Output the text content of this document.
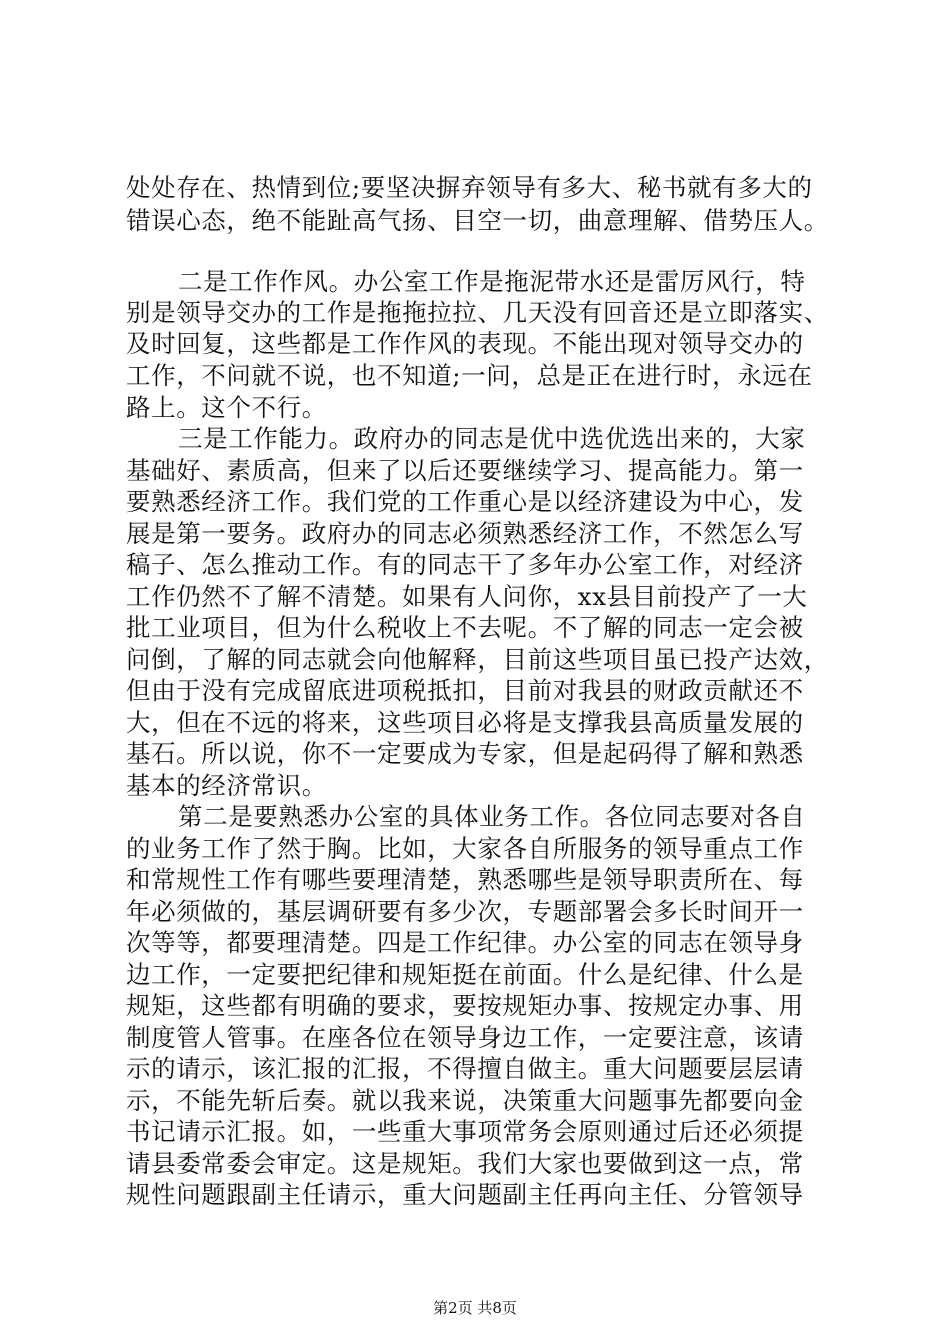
处处存在、热情到位;要坚决摒弃领导有多大、秘书就有多大的
错误心态，绝不能趾高气扬、目空一切，曲意理解、借势压人。
二是工作作风。办公室工作是拖泥带水还是雷厉风行，特
别是领导交办的工作是拖拖拉拉、几天没有回音还是立即落实、
及时回复，这些都是工作作风的表现。不能出现对领导交办的
工作，不问就不说，也不知道;一问，总是正在进行时，永远在
路上。这个不行。
三是工作能力。政府办的同志是优中选优选出来的，大家
基础好、素质高，但来了以后还要继续学习、提高能力。第一
要熟悉经济工作。我们党的工作重心是以经济建设为中心，发
展是第一要务。政府办的同志必须熟悉经济工作，不然怎么写
稿子、怎么推动工作。有的同志干了多年办公室工作，对经济
工作仍然不了解不清楚。如果有人问你，xx县目前投产了一大
批工业项目，但为什么税收上不去呢。不了解的同志一定会被
问倒，了解的同志就会向他解释，目前这些项目虽已投产达效，
但由于没有完成留底进项税抵扣，目前对我县的财政贡献还不
大，但在不远的将来，这些项目必将是支撑我县高质量发展的
基石。所以说，你不一定要成为专家，但是起码得了解和熟悉
基本的经济常识。
第二是要熟悉办公室的具体业务工作。各位同志要对各自
的业务工作了然于胸。比如，大家各自所服务的领导重点工作
和常规性工作有哪些要理清楚，熟悉哪些是领导职责所在、每
年必须做的，基层调研要有多少次，专题部署会多长时间开一
次等等，都要理清楚。四是工作纪律。办公室的同志在领导身
边工作，一定要把纪律和规矩挺在前面。什么是纪律、什么是
规矩，这些都有明确的要求，要按规矩办事、按规定办事、用
制度管人管事。在座各位在领导身边工作，一定要注意，该请
示的请示，该汇报的汇报，不得擅自做主。重大问题要层层请
示，不能先斩后奏。就以我来说，决策重大问题事先都要向金
书记请示汇报。如，一些重大事项常务会原则通过后还必须提
请县委常委会审定。这是规矩。我们大家也要做到这一点，常
规性问题跟副主任请示，重大问题副主任再向主任、分管领导
第2页 共8页
